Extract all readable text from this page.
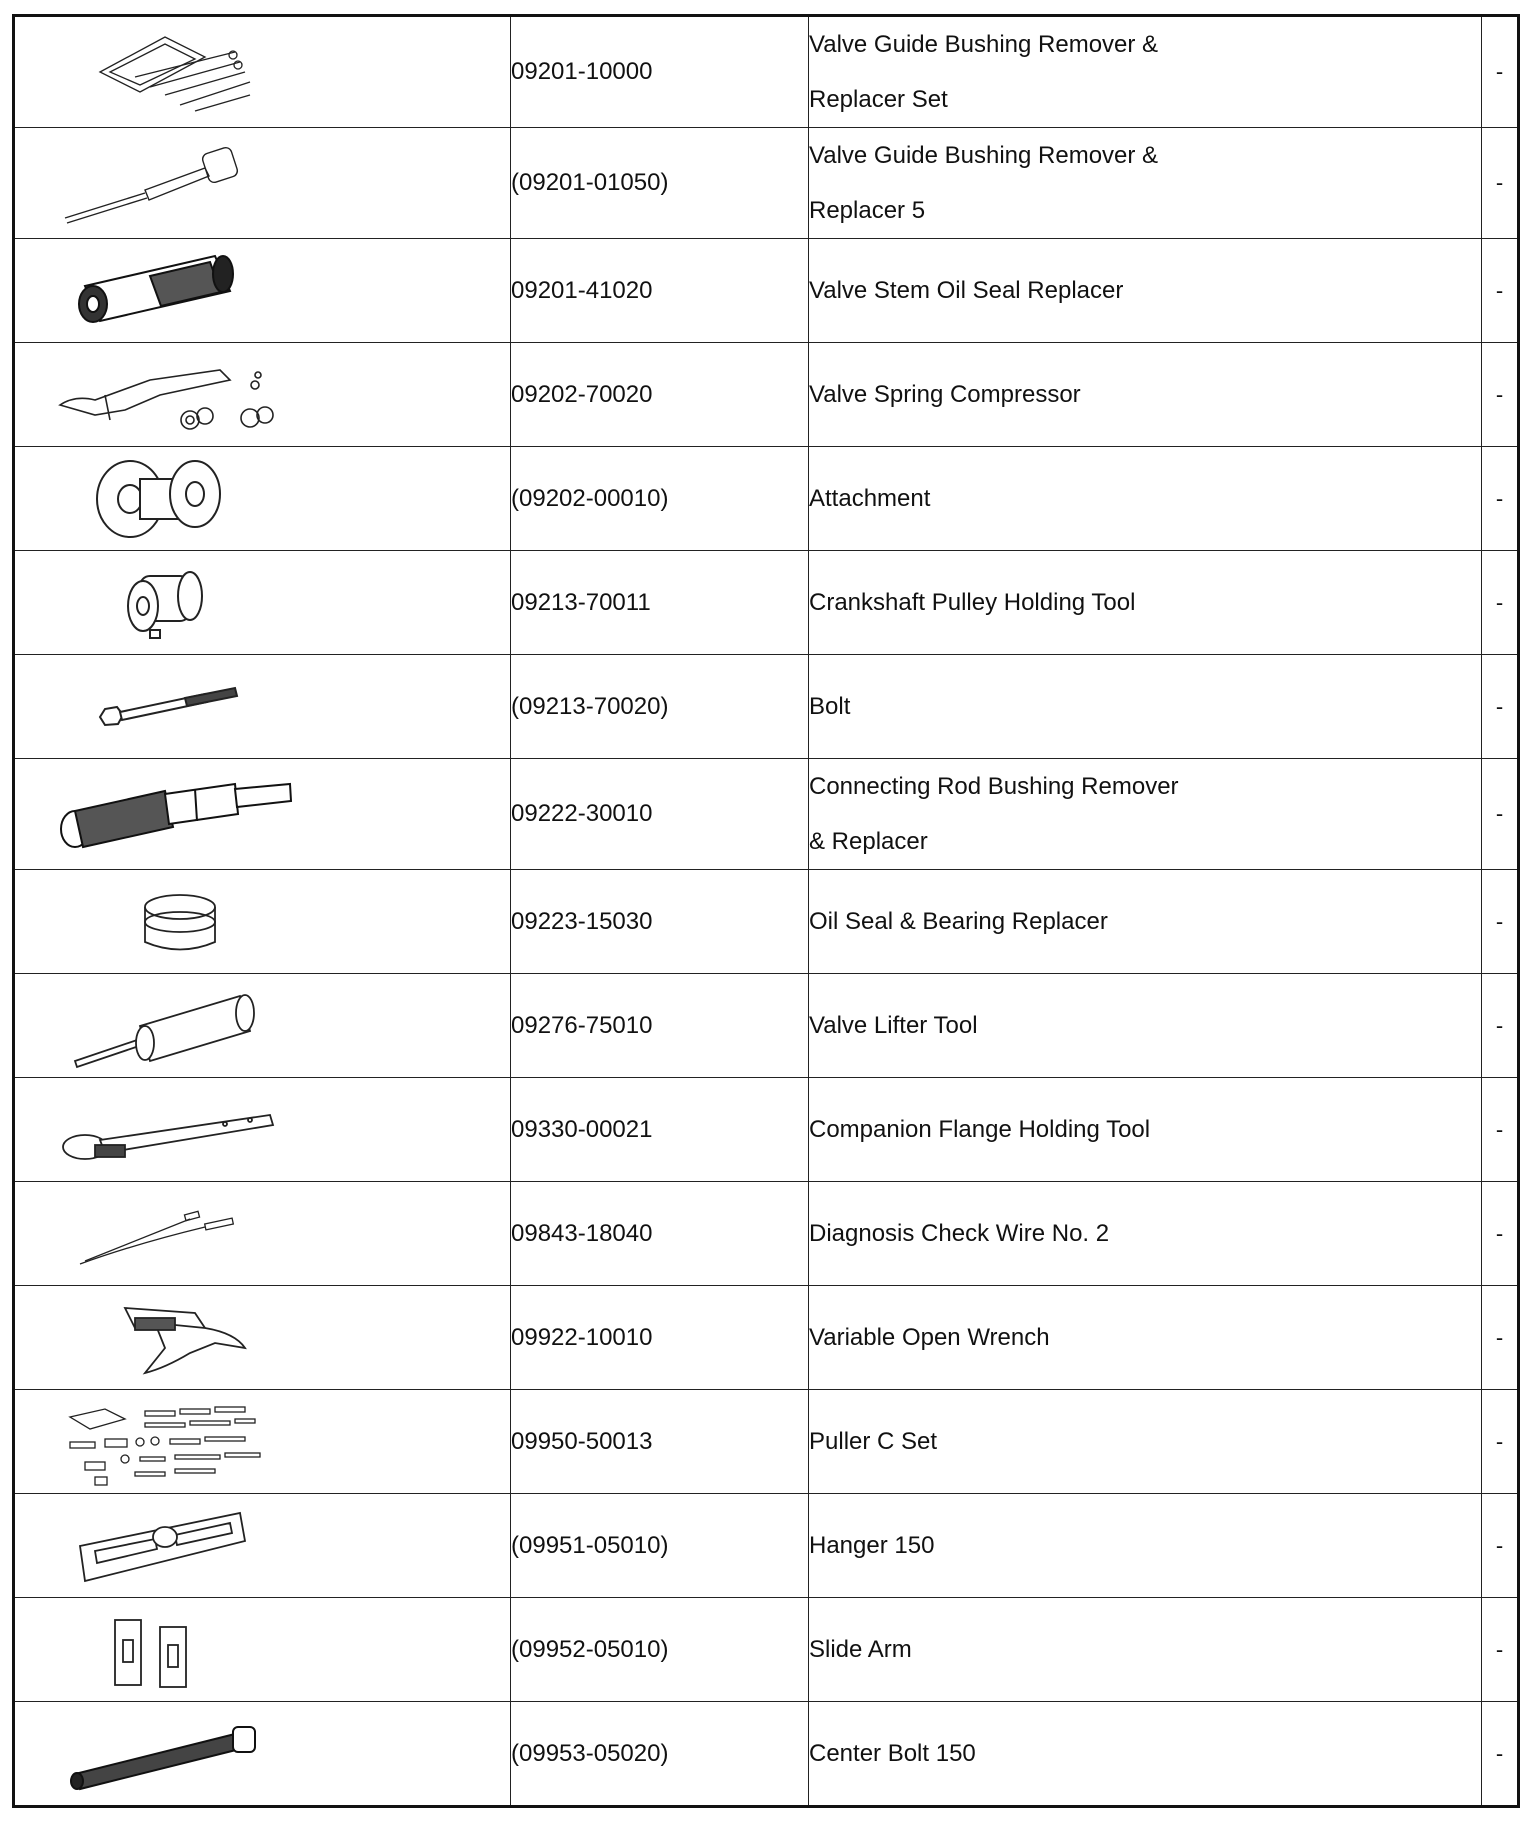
	09201-10000	Valve Guide Bushing Remover &
Replacer Set	-

	(09201-01050)	Valve Guide Bushing Remover &
Replacer 5	-

	09201-41020	Valve Stem Oil Seal Replacer	-

	09202-70020	Valve Spring Compressor	-

	(09202-00010)	Attachment	-

	09213-70011	Crankshaft Pulley Holding Tool	-

	(09213-70020)	Bolt	-

	09222-30010	Connecting Rod Bushing Remover
& Replacer	-

	09223-15030	Oil Seal & Bearing Replacer	-

	09276-75010	Valve Lifter Tool	-

	09330-00021	Companion Flange Holding Tool	-

	09843-18040	Diagnosis Check Wire No. 2	-

	09922-10010	Variable Open Wrench	-

	09950-50013	Puller C Set	-

	(09951-05010)	Hanger 150	-

	(09952-05010)	Slide Arm	-

	(09953-05020)	Center Bolt 150	-
